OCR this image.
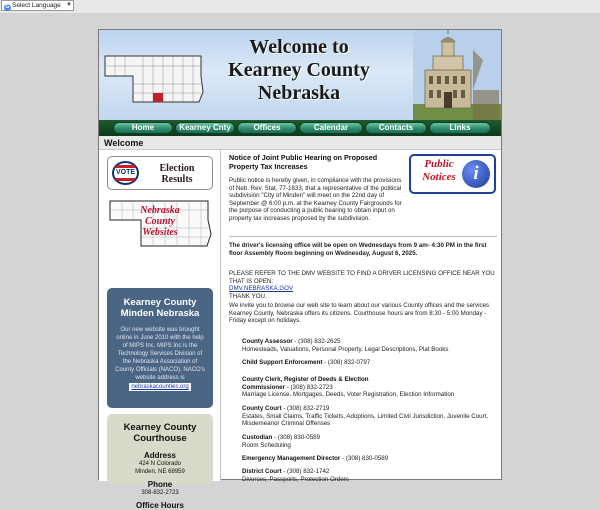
G Select Language ▼
Welcome to
Kearney County
Nebraska
Home	Kearney Cnty	Offices	Calendar	Contacts	Links
Welcome
VOTE	Election
Results
Nebraska
County
Websites
Kearney County
Minden Nebraska

Our new website was brought online in June 2010 with the help of MIPS Inc. MIPS Inc is the Technology Services Division of the Nebraska Association of County Officials (NACO). NACO's website address is

nebraskacounties.org
Kearney County
Courthouse
Address
424 N Colorado
Minden, NE 68959
Phone
308-832-2723
Office Hours
Notice of Joint Public Hearing on Proposed Property Tax Increases	Public
Notices i
Public notice is hereby given, in compliance with the provisions of Neb. Rev. Stat. 77-1633, that a representative of the political subdivision "City of Minden" will meet on the 22nd day of September @ 6:00 p.m. at the Kearney County Fairgrounds for the purpose of conducting a public hearing to obtain input on property tax increases proposed by the subdivision.
The driver's licensing office will be open on Wednesdays from 9 am- 4:30 PM in the first floor Assembly Room beginning on Wednesday, August 6, 2025.
PLEASE REFER TO THE DMV WEBSITE TO FIND A DRIVER LICENSING OFFICE NEAR YOU THAT IS OPEN:
DMV.NEBRASKA.GOV
THANK YOU.
We invite you to browse our web site to learn about our various County offices and the services Kearney County, Nebraska offers its citizens. Courthouse hours are from 8:30 - 5:00 Monday - Friday except on holidays.
County Assessor - (308) 832-2625
Homesteads, Valuations, Personal Property, Legal Descriptions, Plat Books
Child Support Enforcement - (308) 832-0797
County Clerk, Register of Deeds & Election Commissioner - (308) 832-2723
Marriage License, Mortgages, Deeds, Voter Registration, Election Information
County Court - (308) 832-2719
Estates, Small Claims, Traffic Tickets, Adoptions, Limited Civil Jurisdiction, Juvenile Court, Misdemeanor Criminal Offenses
Custodian - (308) 830-0589
Room Scheduling
Emergency Management Director - (308) 830-0589
District Court - (308) 832-1742
Divorces, Passports, Protection Orders
